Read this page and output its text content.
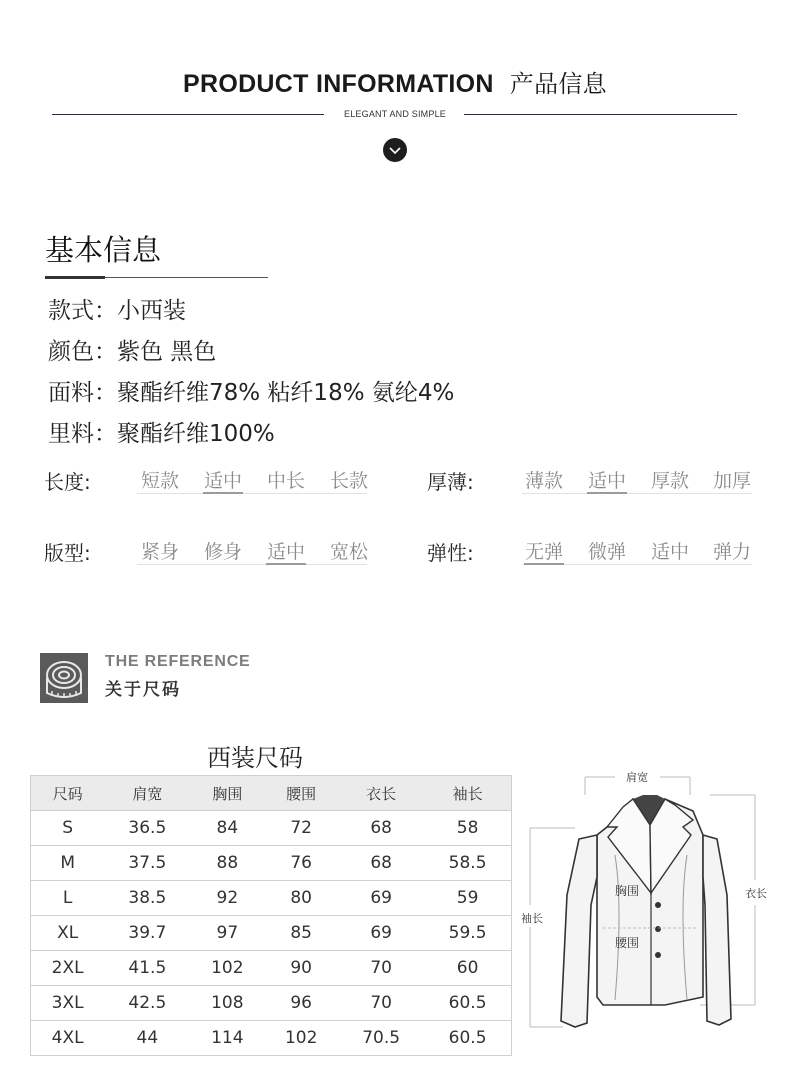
PRODUCT INFORMATION 产品信息
ELEGANT AND SIMPLE
基本信息
款式：小西装
颜色：紫色 黑色
面料：聚酯纤维78% 粘纤18% 氨纶4%
里料：聚酯纤维100%
长度:	短款	适中	中长	长款	厚薄:	薄款	适中	厚款	加厚
版型:	紧身	修身	适中	宽松	弹性:	无弹	微弹	适中	弹力
THE REFERENCE
关于尺码
西装尺码
尺码	肩宽	胸围	腰围	衣长	袖长
S	36.5	84	72	68	58
M	37.5	88	76	68	58.5
L	38.5	92	80	69	59
XL	39.7	97	85	69	59.5
2XL	41.5	102	90	70	60
3XL	42.5	108	96	70	60.5
4XL	44	114	102	70.5	60.5
肩宽
衣长
袖长
胸围
腰围
